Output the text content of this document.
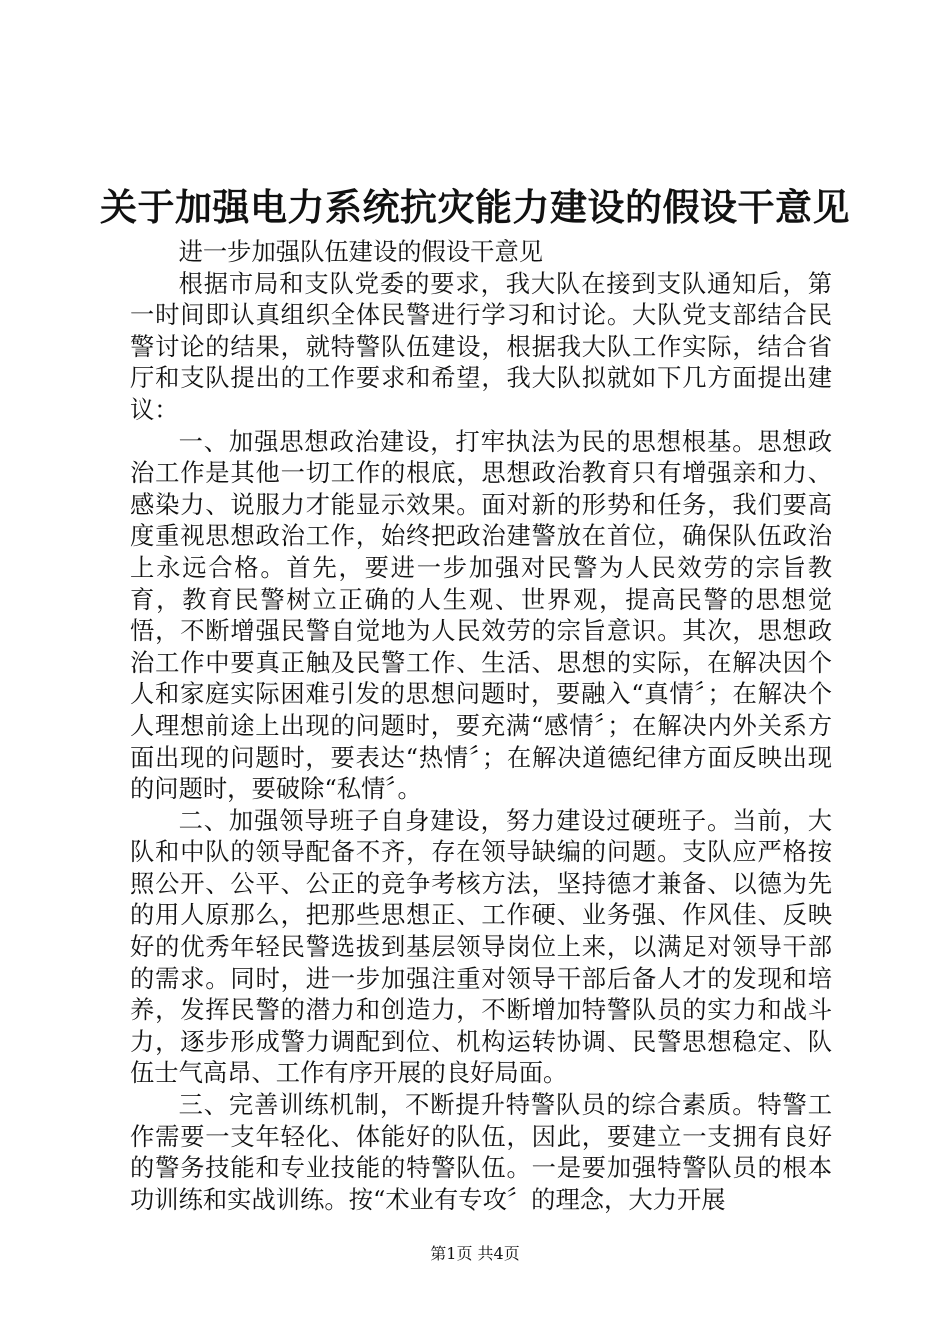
关于加强电力系统抗灾能力建设的假设干意见

进一步加强队伍建设的假设干意见

根据市局和支队党委的要求，我大队在接到支队通知后，第一时间即认真组织全体民警进行学习和讨论。大队党支部结合民警讨论的结果，就特警队伍建设，根据我大队工作实际，结合省厅和支队提出的工作要求和希望，我大队拟就如下几方面提出建议：

一、加强思想政治建设，打牢执法为民的思想根基。思想政治工作是其他一切工作的根底，思想政治教育只有增强亲和力、感染力、说服力才能显示效果。面对新的形势和任务，我们要高度重视思想政治工作，始终把政治建警放在首位，确保队伍政治上永远合格。首先，要进一步加强对民警为人民效劳的宗旨教育，教育民警树立正确的人生观、世界观，提高民警的思想觉悟，不断增强民警自觉地为人民效劳的宗旨意识。其次，思想政治工作中要真正触及民警工作、生活、思想的实际，在解决因个人和家庭实际困难引发的思想问题时，要融入“真情〞；在解决个人理想前途上出现的问题时，要充满“感情〞；在解决内外关系方面出现的问题时，要表达“热情〞；在解决道德纪律方面反映出现的问题时，要破除“私情〞。

二、加强领导班子自身建设，努力建设过硬班子。当前，大队和中队的领导配备不齐，存在领导缺编的问题。支队应严格按照公开、公平、公正的竞争考核方法，坚持德才兼备、以德为先的用人原那么，把那些思想正、工作硬、业务强、作风佳、反映好的优秀年轻民警选拔到基层领导岗位上来，以满足对领导干部的需求。同时，进一步加强注重对领导干部后备人才的发现和培养，发挥民警的潜力和创造力，不断增加特警队员的实力和战斗力，逐步形成警力调配到位、机构运转协调、民警思想稳定、队伍士气高昂、工作有序开展的良好局面。

三、完善训练机制，不断提升特警队员的综合素质。特警工作需要一支年轻化、体能好的队伍，因此，要建立一支拥有良好的警务技能和专业技能的特警队伍。一是要加强特警队员的根本功训练和实战训练。按“术业有专攻〞的理念，大力开展

第1页 共4页
